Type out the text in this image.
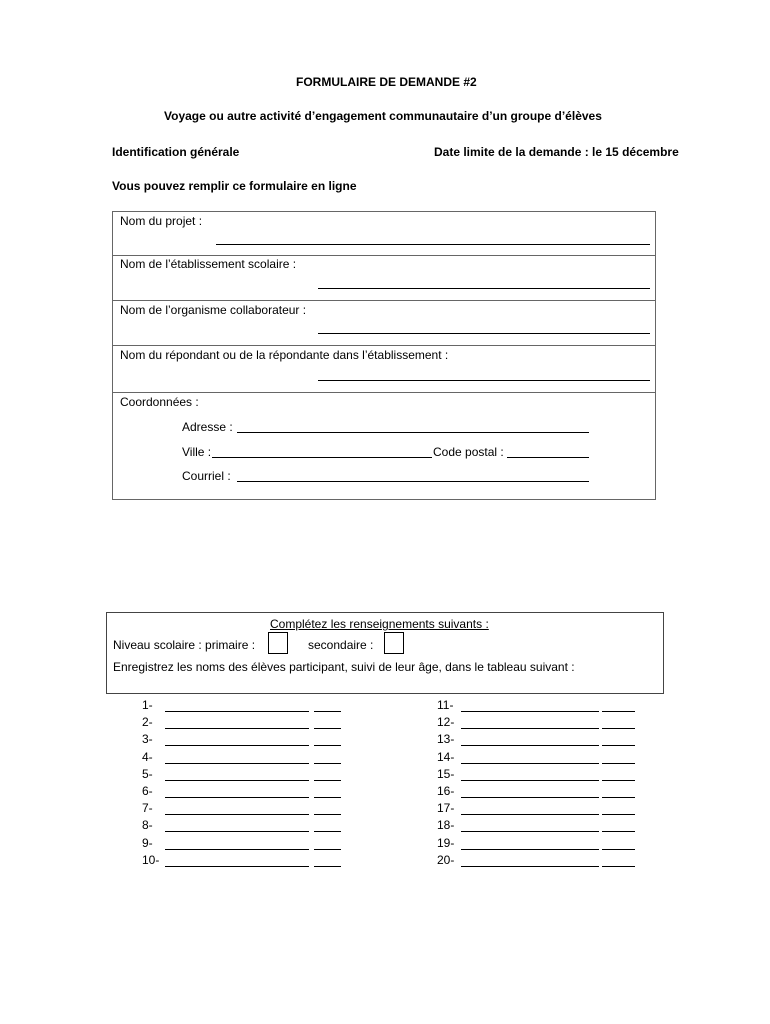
FORMULAIRE DE DEMANDE #2
Voyage ou autre activité d’engagement communautaire d’un groupe d’élèves
Identification générale	Date limite de la demande : le 15 décembre
Vous pouvez remplir ce formulaire en ligne
Nom du projet :
Nom de l’établissement scolaire :
Nom de l’organisme collaborateur :
Nom du répondant ou de la répondante dans l’établissement :
Coordonnées :
Adresse :
Ville :	Code postal :
Courriel :
Complétez les renseignements suivants :
Niveau scolaire : primaire :	secondaire :
Enregistrez les noms des élèves participant, suivi de leur âge, dans le tableau suivant :
1-
2-
3-
4-
5-
6-
7-
8-
9-
10-
11-
12-
13-
14-
15-
16-
17-
18-
19-
20-
